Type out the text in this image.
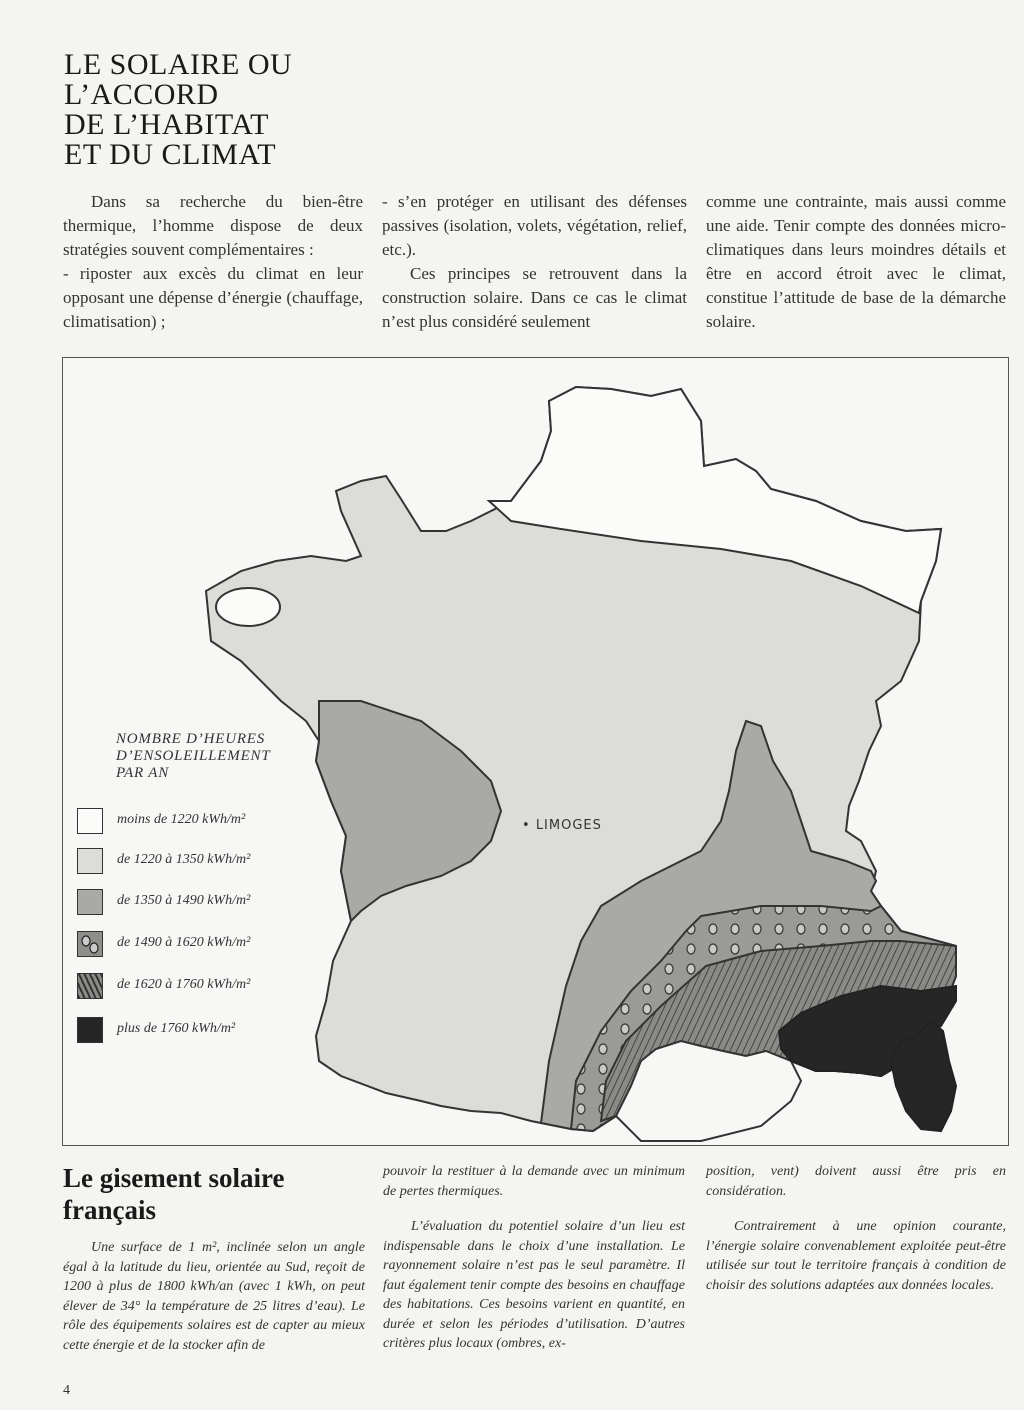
LE SOLAIRE OU
L’ACCORD
DE L’HABITAT
ET DU CLIMAT

Dans sa recherche du bien-être thermique, l’homme dispose de deux stratégies souvent complémentaires :

- riposter aux excès du climat en leur opposant une dépense d’énergie (chauffage, climatisation) ;

- s’en protéger en utilisant des défenses passives (isolation, volets, végétation, relief, etc.).

Ces principes se retrouvent dans la construction solaire. Dans ce cas le climat n’est plus considéré seulement

comme une contrainte, mais aussi comme une aide. Tenir compte des données micro-climatiques dans leurs moindres détails et être en accord étroit avec le climat, constitue l’attitude de base de la démarche solaire.

NOMBRE D’HEURES
D’ENSOLEILLEMENT
PAR AN
moins de 1220 kWh/m²
de 1220 à 1350 kWh/m²
de 1350 à 1490 kWh/m²
de 1490 à 1620 kWh/m²
de 1620 à 1760 kWh/m²
plus de 1760 kWh/m²
• LIMOGES
Le gisement solaire
français

Une surface de 1 m², inclinée selon un angle égal à la latitude du lieu, orientée au Sud, reçoit de 1200 à plus de 1800 kWh/an (avec 1 kWh, on peut élever de 34° la température de 25 litres d’eau). Le rôle des équipements solaires est de capter au mieux cette énergie et de la stocker afin de

pouvoir la restituer à la demande avec un minimum de pertes thermiques.

L’évaluation du potentiel solaire d’un lieu est indispensable dans le choix d’une installation. Le rayonnement solaire n’est pas le seul paramètre. Il faut également tenir compte des besoins en chauffage des habitations. Ces besoins varient en quantité, en durée et selon les périodes d’utilisation. D’autres critères plus locaux (ombres, ex-

position, vent) doivent aussi être pris en considération.

Contrairement à une opinion courante, l’énergie solaire convenablement exploitée peut-être utilisée sur tout le territoire français à condition de choisir des solutions adaptées aux données locales.

4
